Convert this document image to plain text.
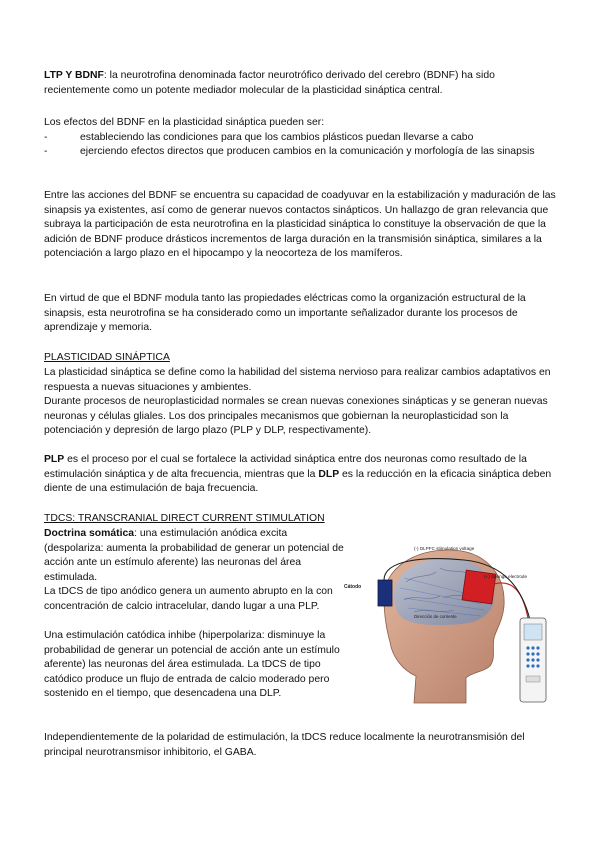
LTP Y BDNF: la neurotrofina denominada factor neurotrófico derivado del cerebro (BDNF) ha sido recientemente como un potente mediador molecular de la plasticidad sináptica central.

Los efectos del BDNF en la plasticidad sináptica pueden ser:

-	estableciendo las condiciones para que los cambios plásticos puedan llevarse a cabo
-	ejerciendo efectos directos que producen cambios en la comunicación y morfología de las sinapsis

Entre las acciones del BDNF se encuentra su capacidad de coadyuvar en la estabilización y maduración de las sinapsis ya existentes, así como de generar nuevos contactos sinápticos. Un hallazgo de gran relevancia que subraya la participación de esta neurotrofina en la plasticidad sináptica lo constituye la observación de que la adición de BDNF produce drásticos incrementos de larga duración en la transmisión sináptica, similares a la potenciación a largo plazo en el hipocampo y la neocorteza de los mamíferos.

En virtud de que el BDNF modula tanto las propiedades eléctricas como la organización estructural de la sinapsis, esta neurotrofina se ha considerado como un importante señalizador durante los procesos de aprendizaje y memoria.

PLASTICIDAD SINÁPTICA

La plasticidad sináptica se define como la habilidad del sistema nervioso para realizar cambios adaptativos en respuesta a nuevas situaciones y ambientes.

Durante procesos de neuroplasticidad normales se crean nuevas conexiones sinápticas y se generan nuevas neuronas y células gliales. Los dos principales mecanismos que gobiernan la neuroplasticidad son la potenciación y depresión de largo plazo (PLP y DLP, respectivamente).

PLP es el proceso por el cual se fortalece la actividad sináptica entre dos neuronas como resultado de la estimulación sináptica y de alta frecuencia, mientras que la DLP es la reducción en la eficacia sináptica deben diente de una estimulación de baja frecuencia.

TDCS: TRANSCRANIAL DIRECT CURRENT STIMULATION

Doctrina somática: una estimulación anódica excita (despolariza: aumenta la probabilidad de generar un potencial de acción ante un estímulo aferente) las neuronas del área estimulada.

La tDCS de tipo anódico genera un aumento abrupto en la con concentración de calcio intracelular, dando lugar a una PLP.

Una estimulación catódica inhibe (hiperpolariza: disminuye la probabilidad de generar un potencial de acción ante un estímulo aferente) las neuronas del área estimulada. La tDCS de tipo catódico produce un flujo de entrada de calcio moderado pero sostenido en el tiempo, que desencadena una DLP.

(-) DLPFC stimulation voltage
(+) Sponge electrode
Cátodo
Dirección de corriente

Independientemente de la polaridad de estimulación, la tDCS reduce localmente la neurotransmisión del principal neurotransmisor inhibitorio, el GABA.
